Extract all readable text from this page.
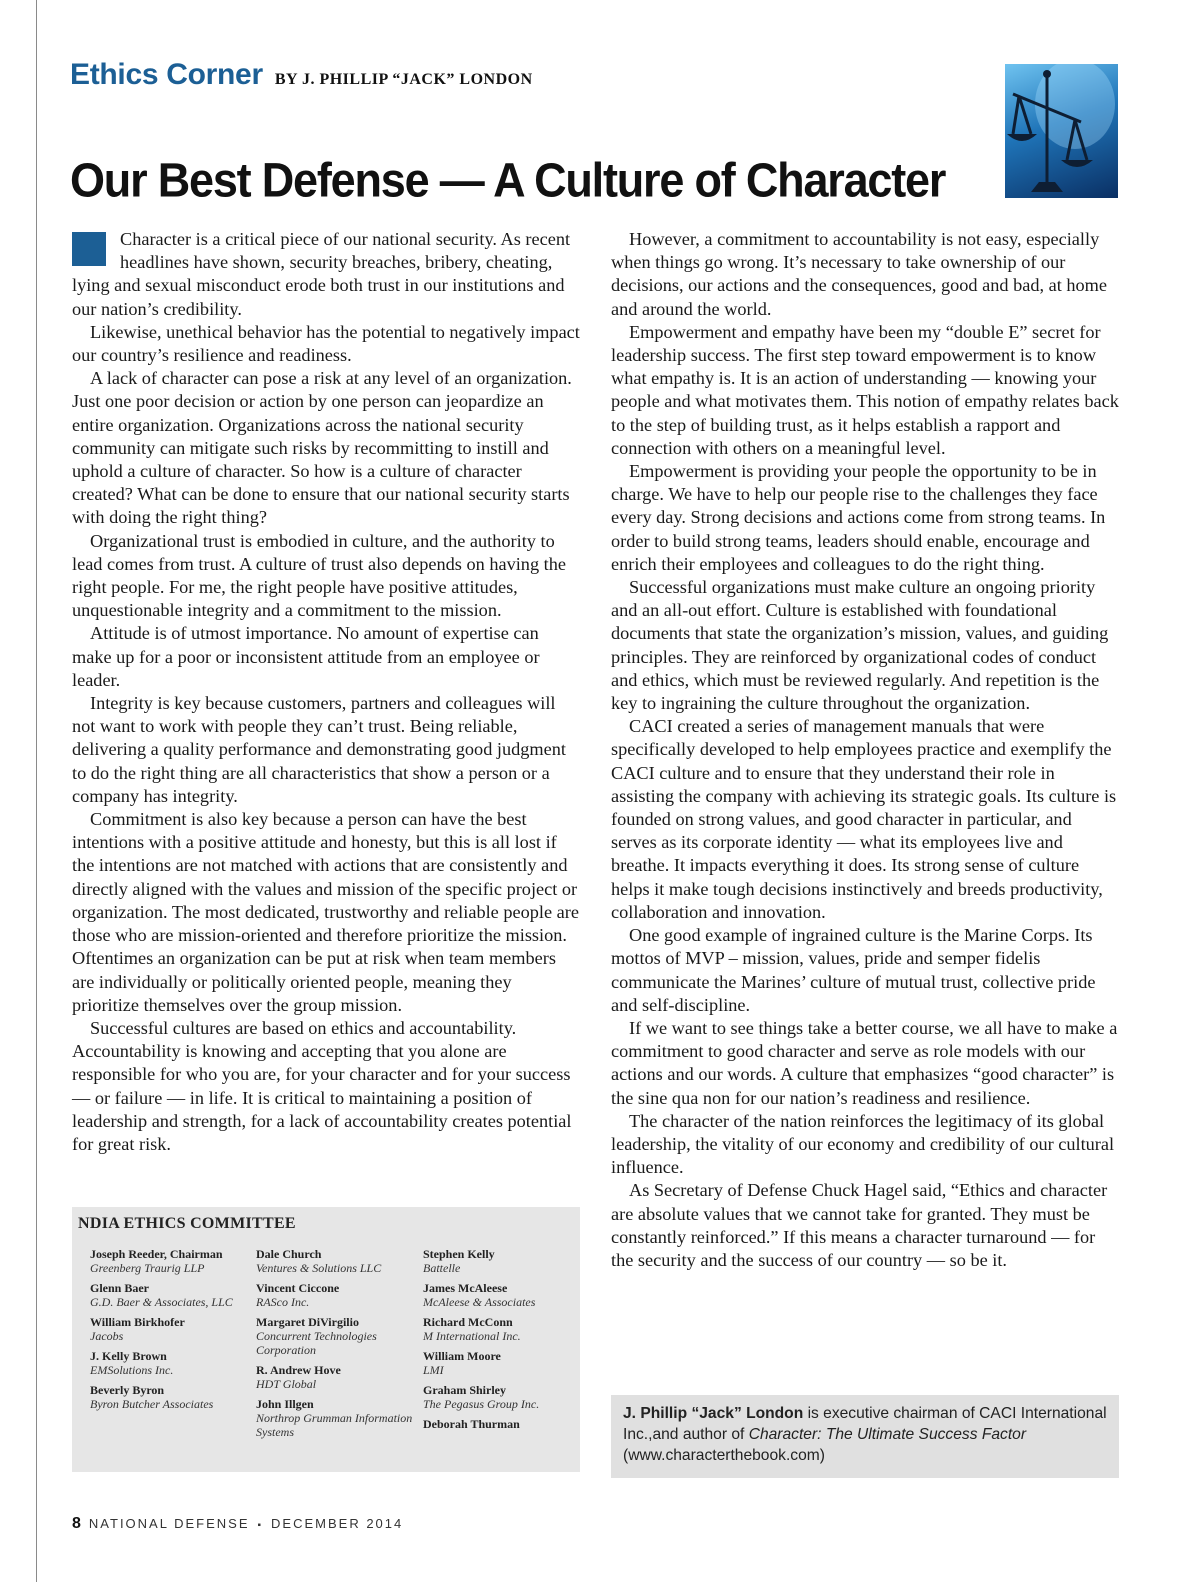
Ethics Corner BY J. PHILLIP “JACK” LONDON
Our Best Defense — A Culture of Character

Character is a critical piece of our national security. As recent headlines have shown, security breaches, bribery, cheating, lying and sexual misconduct erode both trust in our institutions and our nation’s credibility.

Likewise, unethical behavior has the potential to negatively impact our country’s resilience and readiness.

A lack of character can pose a risk at any level of an organization. Just one poor decision or action by one person can jeopardize an entire organization. Organizations across the national security community can mitigate such risks by recommitting to instill and uphold a culture of character. So how is a culture of character created? What can be done to ensure that our national security starts with doing the right thing?

Organizational trust is embodied in culture, and the authority to lead comes from trust. A culture of trust also depends on having the right people. For me, the right people have positive attitudes, unquestionable integrity and a commitment to the mission.

Attitude is of utmost importance. No amount of expertise can make up for a poor or inconsistent attitude from an employee or leader.

Integrity is key because customers, partners and colleagues will not want to work with people they can’t trust. Being reliable, delivering a quality performance and demonstrating good judgment to do the right thing are all characteristics that show a person or a company has integrity.

Commitment is also key because a person can have the best intentions with a positive attitude and honesty, but this is all lost if the intentions are not matched with actions that are consistently and directly aligned with the values and mission of the specific project or organization. The most dedicated, trustworthy and reliable people are those who are mission-oriented and therefore prioritize the mission. Oftentimes an organization can be put at risk when team members are individually or politically oriented people, meaning they prioritize themselves over the group mission.

Successful cultures are based on ethics and accountability. Accountability is knowing and accepting that you alone are responsible for who you are, for your character and for your success — or failure — in life. It is critical to maintaining a position of leadership and strength, for a lack of accountability creates potential for great risk.

However, a commitment to accountability is not easy, especially when things go wrong. It’s necessary to take ownership of our decisions, our actions and the consequences, good and bad, at home and around the world.

Empowerment and empathy have been my “double E” secret for leadership success. The first step toward empowerment is to know what empathy is. It is an action of understanding — knowing your people and what motivates them. This notion of empathy relates back to the step of building trust, as it helps establish a rapport and connection with others on a meaningful level.

Empowerment is providing your people the opportunity to be in charge. We have to help our people rise to the challenges they face every day. Strong decisions and actions come from strong teams. In order to build strong teams, leaders should enable, encourage and enrich their employees and colleagues to do the right thing.

Successful organizations must make culture an ongoing priority and an all-out effort. Culture is established with foundational documents that state the organization’s mission, values, and guiding principles. They are reinforced by organizational codes of conduct and ethics, which must be reviewed regularly. And repetition is the key to ingraining the culture throughout the organization.

CACI created a series of management manuals that were specifically developed to help employees practice and exemplify the CACI culture and to ensure that they understand their role in assisting the company with achieving its strategic goals. Its culture is founded on strong values, and good character in particular, and serves as its corporate identity — what its employees live and breathe. It impacts everything it does. Its strong sense of culture helps it make tough decisions instinctively and breeds productivity, collaboration and innovation.

One good example of ingrained culture is the Marine Corps. Its mottos of MVP – mission, values, pride and semper fidelis communicate the Marines’ culture of mutual trust, collective pride and self-discipline.

If we want to see things take a better course, we all have to make a commitment to good character and serve as role models with our actions and our words. A culture that emphasizes “good character” is the sine qua non for our nation’s readiness and resilience.

The character of the nation reinforces the legitimacy of its global leadership, the vitality of our economy and credibility of our cultural influence.

As Secretary of Defense Chuck Hagel said, “Ethics and character are absolute values that we cannot take for granted. They must be constantly reinforced.” If this means a character turnaround — for the security and the success of our country — so be it.

NDIA ETHICS COMMITTEE
Joseph Reeder, Chairman
Greenberg Traurig LLP
Glenn Baer
G.D. Baer & Associates, LLC
William Birkhofer
Jacobs
J. Kelly Brown
EMSolutions Inc.
Beverly Byron
Byron Butcher Associates
Dale Church
Ventures & Solutions LLC
Vincent Ciccone
RASco Inc.
Margaret DiVirgilio
Concurrent Technologies Corporation
R. Andrew Hove
HDT Global
John Illgen
Northrop Grumman Information Systems
Stephen Kelly
Battelle
James McAleese
McAleese & Associates
Richard McConn
M International Inc.
William Moore
LMI
Graham Shirley
The Pegasus Group Inc.
Deborah Thurman
J. Phillip “Jack” London is executive chairman of CACI International Inc.,and author of Character: The Ultimate Success Factor (www.characterthebook.com)
8 NATIONAL DEFENSE ▪ DECEMBER 2014
